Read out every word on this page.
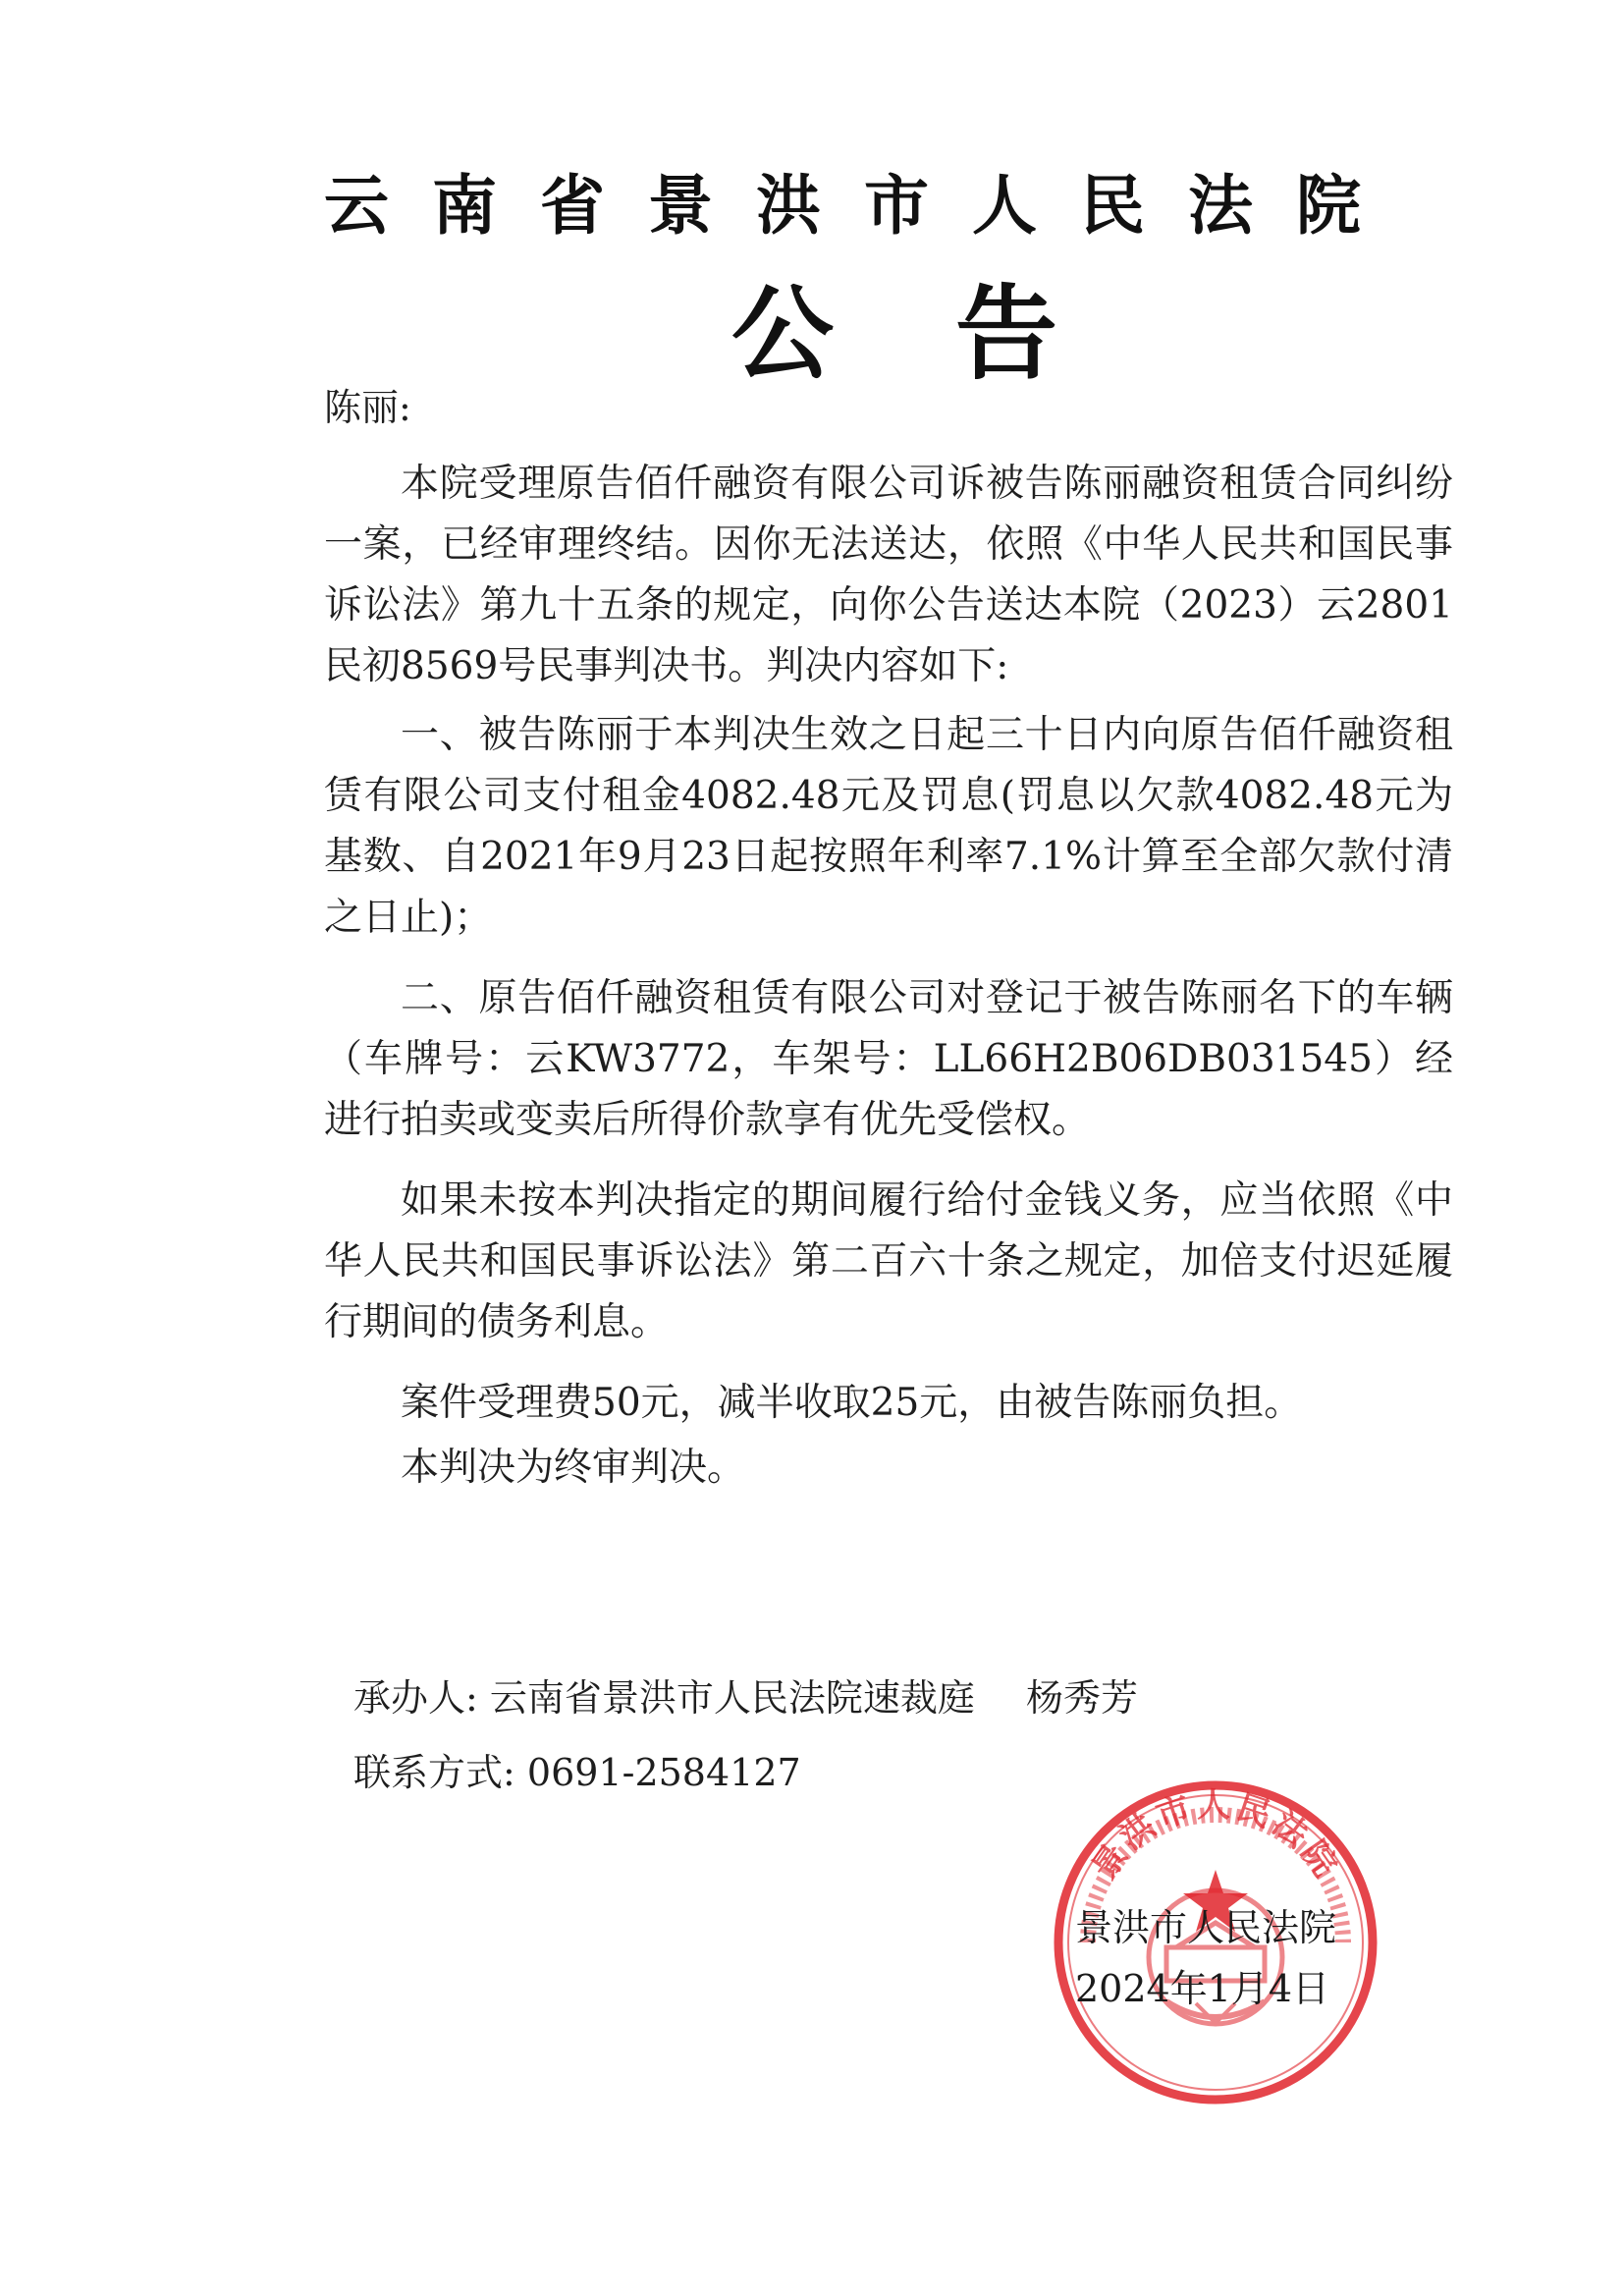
云南省景洪市人民法院
公告
陈丽:

本院受理原告佰仟融资有限公司诉被告陈丽融资租赁合同纠纷一案，已经审理终结。因你无法送达，依照《中华人民共和国民事诉讼法》第九十五条的规定，向你公告送达本院（2023）云2801民初8569号民事判决书。判决内容如下:

一、被告陈丽于本判决生效之日起三十日内向原告佰仟融资租赁有限公司支付租金4082.48元及罚息(罚息以欠款4082.48元为基数、自2021年9月23日起按照年利率7.1%计算至全部欠款付清之日止)；

二、原告佰仟融资租赁有限公司对登记于被告陈丽名下的车辆（车牌号：云KW3772，车架号：LL66H2B06DB031545）经进行拍卖或变卖后所得价款享有优先受偿权。

如果未按本判决指定的期间履行给付金钱义务，应当依照《中华人民共和国民事诉讼法》第二百六十条之规定，加倍支付迟延履行期间的债务利息。

案件受理费50元，减半收取25元，由被告陈丽负担。

本判决为终审判决。

承办人: 云南省景洪市人民法院速裁庭 杨秀芳
联系方式: 0691-2584127
景洪市人民法院
景洪市人民法院
2024年1月4日
